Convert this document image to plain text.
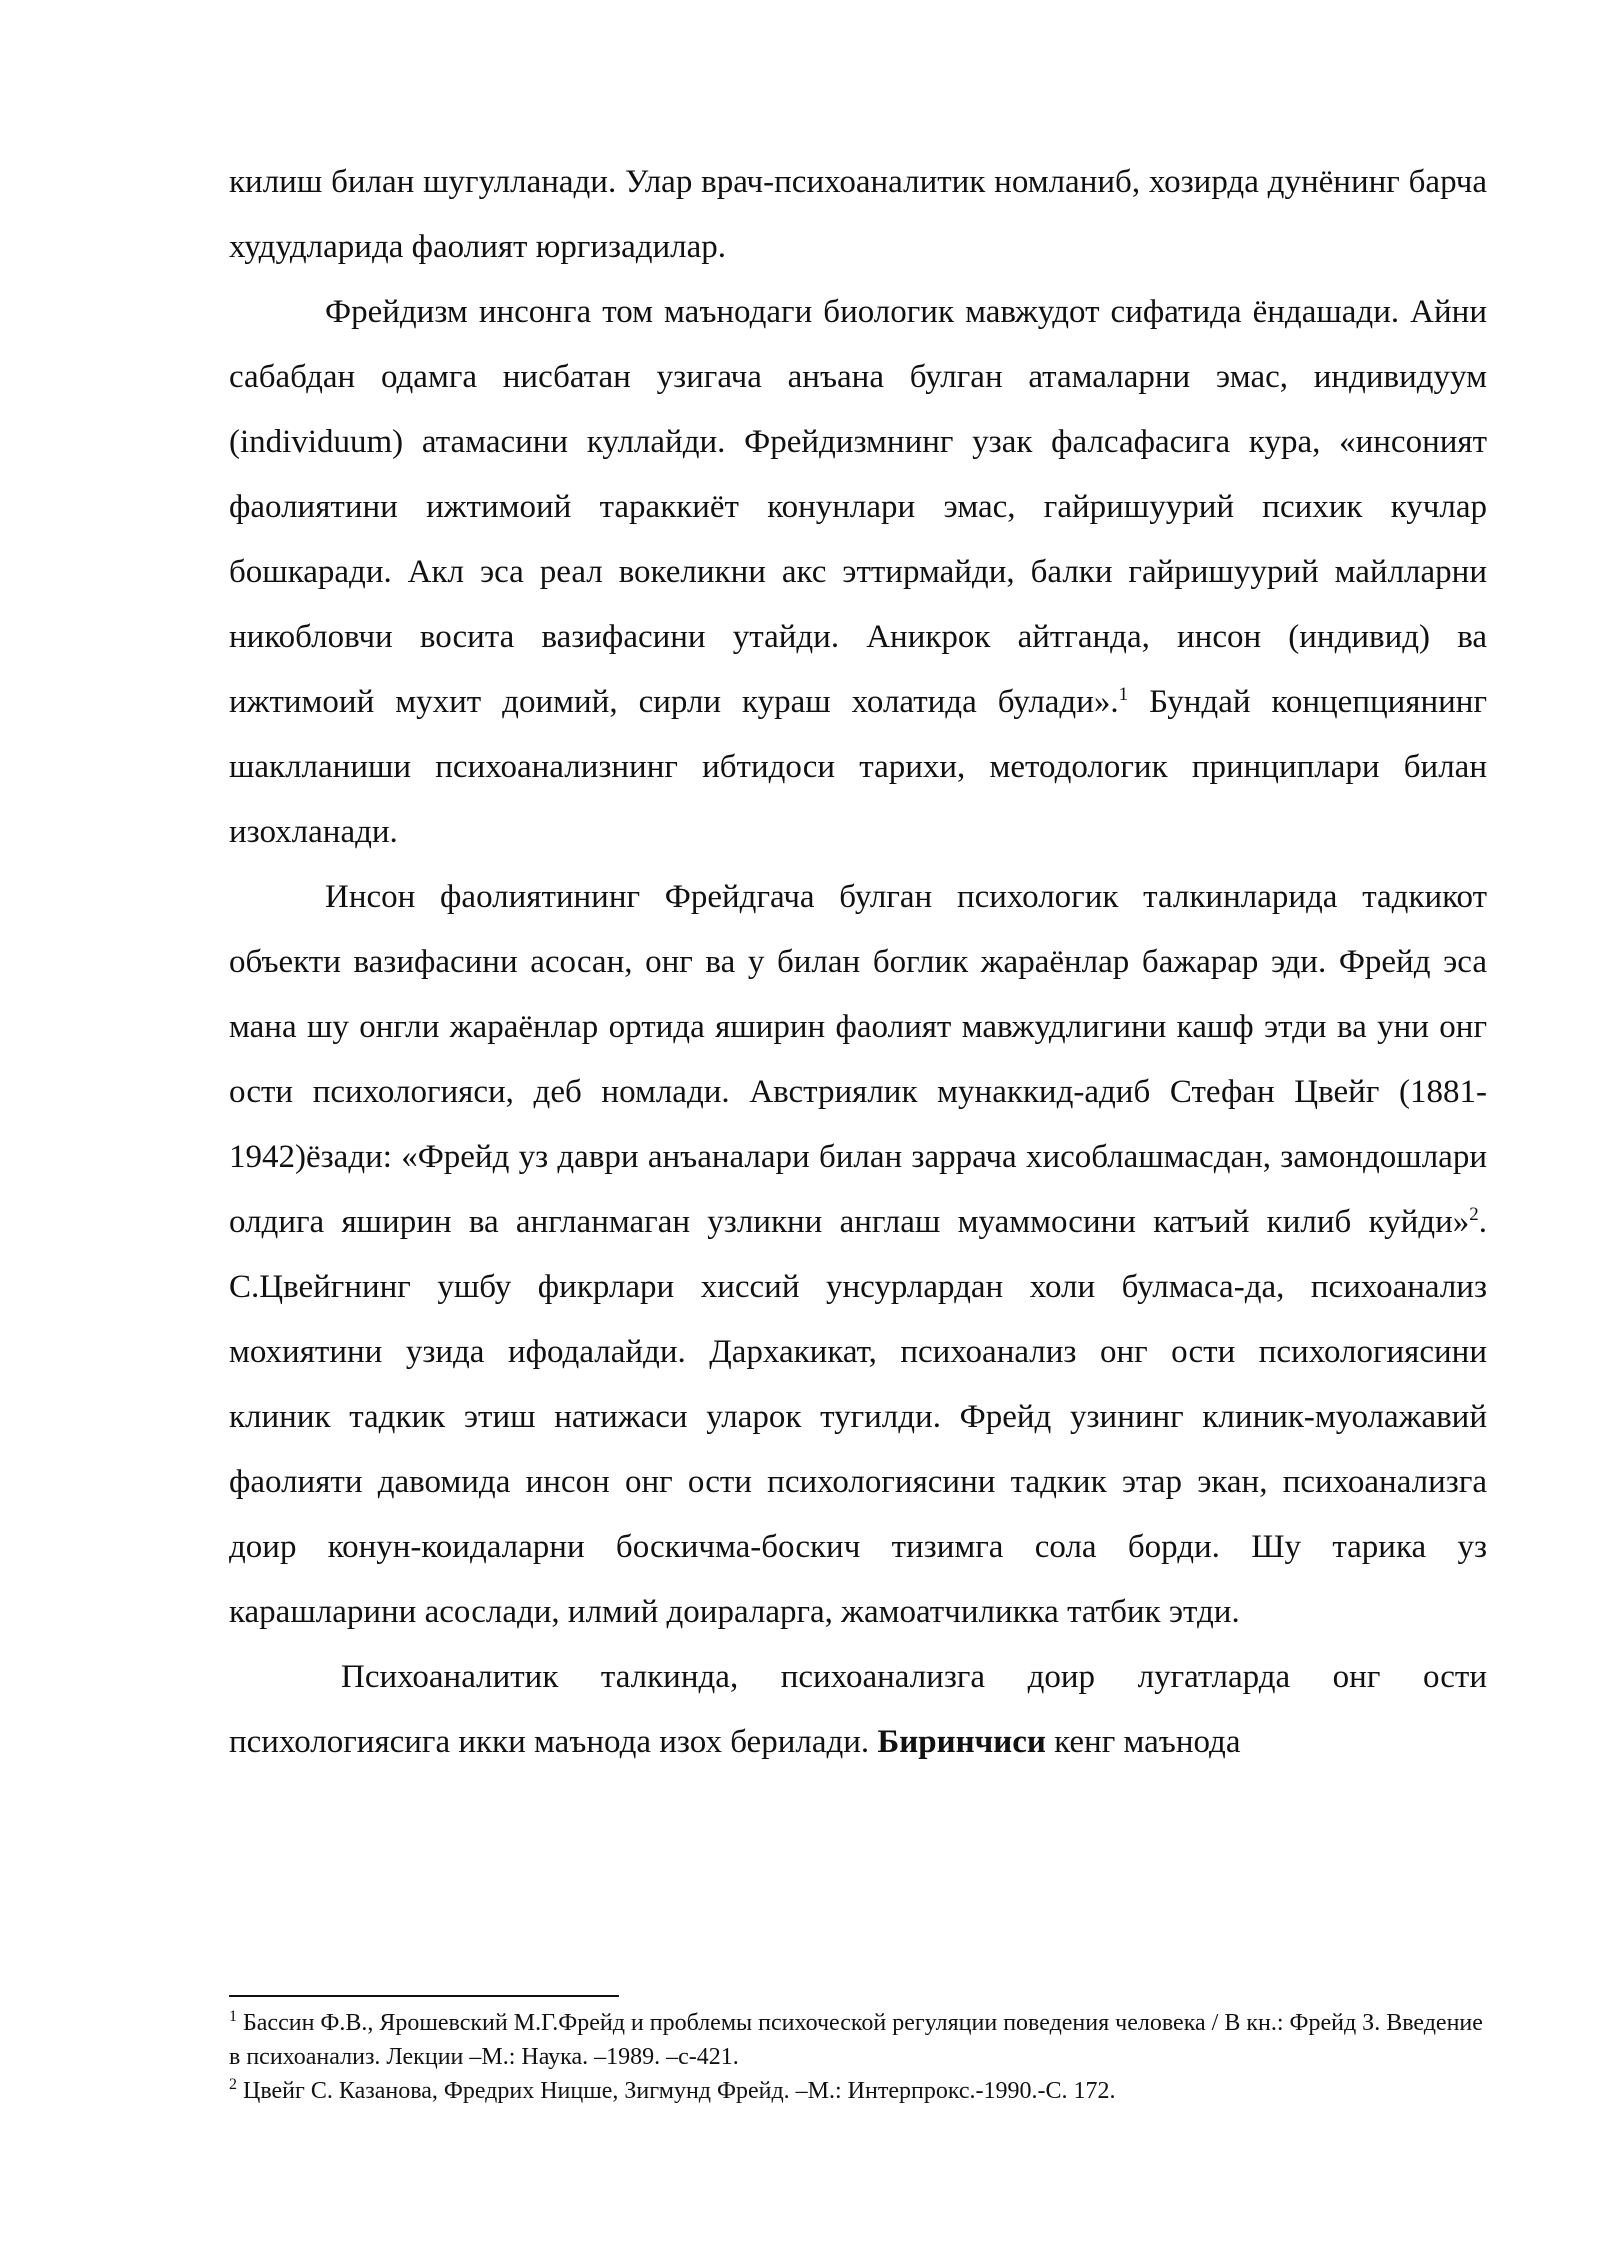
килиш билан шугулланади. Улар врач-психоаналитик номланиб, хозирда дунёнинг барча худудларида фаолият юргизадилар.

Фрейдизм инсонга том маънодаги биологик мавжудот сифатида ёндашади. Айни сабабдан одамга нисбатан узигача анъана булган атамаларни эмас, индивидуум (individuum) атамасини куллайди. Фрейдизмнинг узак фалсафасига кура, «инсоният фаолиятини ижтимоий тараккиёт конунлари эмас, гайришуурий психик кучлар бошкаради. Акл эса реал вокеликни акс эттирмайди, балки гайришуурий майлларни никобловчи восита вазифасини утайди. Аникрок айтганда, инсон (индивид) ва ижтимоий мухит доимий, сирли кураш холатида булади».$^1$ Бундай концепциянинг шаклланиши психоанализнинг ибтидоси тарихи, методологик принциплари билан изохланади.

Инсон фаолиятининг Фрейдгача булган психологик талкинларида тадкикот объекти вазифасини асосан, онг ва у билан боглик жараёнлар бажарар эди. Фрейд эса мана шу онгли жараёнлар ортида яширин фаолият мавжудлигини кашф этди ва уни онг ости психологияси, деб номлади. Австриялик мунаккид-адиб Стефан Цвейг (1881-1942)ёзади: «Фрейд уз даври анъаналари билан заррача хисоблашмасдан, замондошлари олдига яширин ва англанмаган узликни англаш муаммосини катъий килиб куйди»$^2$. С.Цвейгнинг ушбу фикрлари хиссий унсурлардан холи булмаса-да, психоанализ мохиятини узида ифодалайди. Дархакикат, психоанализ онг ости психологиясини клиник тадкик этиш натижаси уларок тугилди. Фрейд узининг клиник-муолажавий фаолияти давомида инсон онг ости психологиясини тадкик этар экан, психоанализга доир конун-коидаларни боскичма-боскич тизимга сола борди. Шу тарика уз карашларини асослади, илмий доираларга, жамоатчиликка татбик этди.

Психоаналитик талкинда, психоанализга доир лугатларда онг ости психологиясига икки маънода изох берилади. Биринчиси кенг маънода

$^1$ Бассин Ф.В., Ярошевский М.Г.Фрейд и проблемы психоческой регуляции поведения человека / В кн.: Фрейд З. Введение в психоанализ. Лекции –М.: Наука. –1989. –с-421.

$^2$ Цвейг С. Казанова, Фредрих Ницше, Зигмунд Фрейд. –М.: Интерпрокс.-1990.-С. 172.
